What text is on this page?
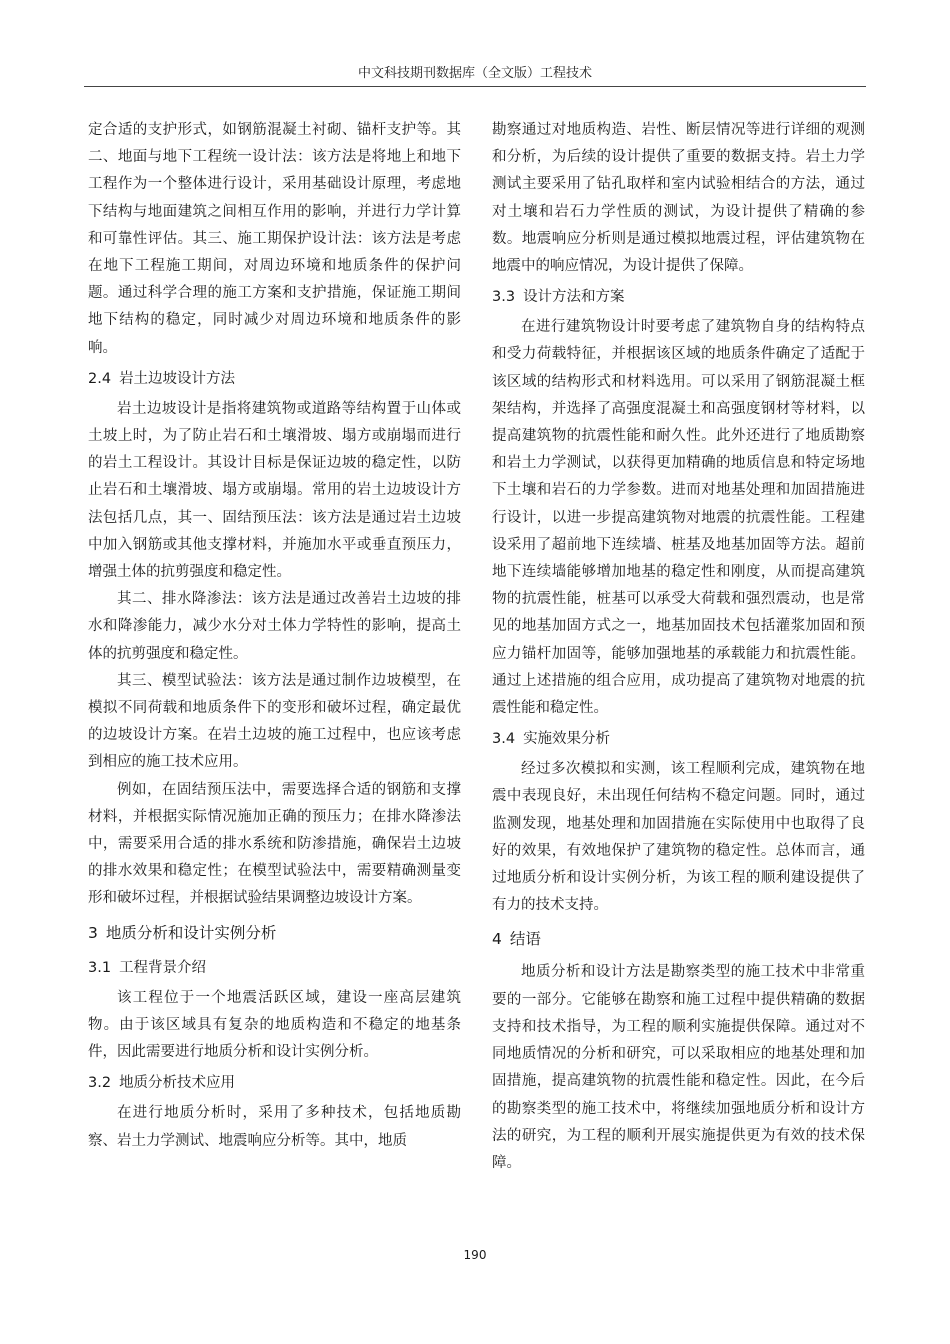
中文科技期刊数据库（全文版）工程技术

定合适的支护形式，如钢筋混凝土衬砌、锚杆支护等。其二、地面与地下工程统一设计法：该方法是将地上和地下工程作为一个整体进行设计，采用基础设计原理，考虑地下结构与地面建筑之间相互作用的影响，并进行力学计算和可靠性评估。其三、施工期保护设计法：该方法是考虑在地下工程施工期间，对周边环境和地质条件的保护问题。通过科学合理的施工方案和支护措施，保证施工期间地下结构的稳定，同时减少对周边环境和地质条件的影响。

2.4 岩土边坡设计方法

岩土边坡设计是指将建筑物或道路等结构置于山体或土坡上时，为了防止岩石和土壤滑坡、塌方或崩塌而进行的岩土工程设计。其设计目标是保证边坡的稳定性，以防止岩石和土壤滑坡、塌方或崩塌。常用的岩土边坡设计方法包括几点，其一、固结预压法：该方法是通过岩土边坡中加入钢筋或其他支撑材料，并施加水平或垂直预压力，增强土体的抗剪强度和稳定性。

其二、排水降渗法：该方法是通过改善岩土边坡的排水和降渗能力，减少水分对土体力学特性的影响，提高土体的抗剪强度和稳定性。

其三、模型试验法：该方法是通过制作边坡模型，在模拟不同荷载和地质条件下的变形和破坏过程，确定最优的边坡设计方案。在岩土边坡的施工过程中，也应该考虑到相应的施工技术应用。

例如，在固结预压法中，需要选择合适的钢筋和支撑材料，并根据实际情况施加正确的预压力；在排水降渗法中，需要采用合适的排水系统和防渗措施，确保岩土边坡的排水效果和稳定性；在模型试验法中，需要精确测量变形和破坏过程，并根据试验结果调整边坡设计方案。

3 地质分析和设计实例分析
3.1 工程背景介绍

该工程位于一个地震活跃区域，建设一座高层建筑物。由于该区域具有复杂的地质构造和不稳定的地基条件，因此需要进行地质分析和设计实例分析。

3.2 地质分析技术应用

在进行地质分析时，采用了多种技术，包括地质勘察、岩土力学测试、地震响应分析等。其中，地质

勘察通过对地质构造、岩性、断层情况等进行详细的观测和分析，为后续的设计提供了重要的数据支持。岩土力学测试主要采用了钻孔取样和室内试验相结合的方法，通过对土壤和岩石力学性质的测试，为设计提供了精确的参数。地震响应分析则是通过模拟地震过程，评估建筑物在地震中的响应情况，为设计提供了保障。

3.3 设计方法和方案

在进行建筑物设计时要考虑了建筑物自身的结构特点和受力荷载特征，并根据该区域的地质条件确定了适配于该区域的结构形式和材料选用。可以采用了钢筋混凝土框架结构，并选择了高强度混凝土和高强度钢材等材料，以提高建筑物的抗震性能和耐久性。此外还进行了地质勘察和岩土力学测试，以获得更加精确的地质信息和特定场地下土壤和岩石的力学参数。进而对地基处理和加固措施进行设计，以进一步提高建筑物对地震的抗震性能。工程建设采用了超前地下连续墙、桩基及地基加固等方法。超前地下连续墙能够增加地基的稳定性和刚度，从而提高建筑物的抗震性能，桩基可以承受大荷载和强烈震动，也是常见的地基加固方式之一，地基加固技术包括灌浆加固和预应力锚杆加固等，能够加强地基的承载能力和抗震性能。通过上述措施的组合应用，成功提高了建筑物对地震的抗震性能和稳定性。

3.4 实施效果分析

经过多次模拟和实测，该工程顺利完成，建筑物在地震中表现良好，未出现任何结构不稳定问题。同时，通过监测发现，地基处理和加固措施在实际使用中也取得了良好的效果，有效地保护了建筑物的稳定性。总体而言，通过地质分析和设计实例分析，为该工程的顺利建设提供了有力的技术支持。

4 结语

地质分析和设计方法是勘察类型的施工技术中非常重要的一部分。它能够在勘察和施工过程中提供精确的数据支持和技术指导，为工程的顺利实施提供保障。通过对不同地质情况的分析和研究，可以采取相应的地基处理和加固措施，提高建筑物的抗震性能和稳定性。因此，在今后的勘察类型的施工技术中，将继续加强地质分析和设计方法的研究，为工程的顺利开展实施提供更为有效的技术保障。

190
